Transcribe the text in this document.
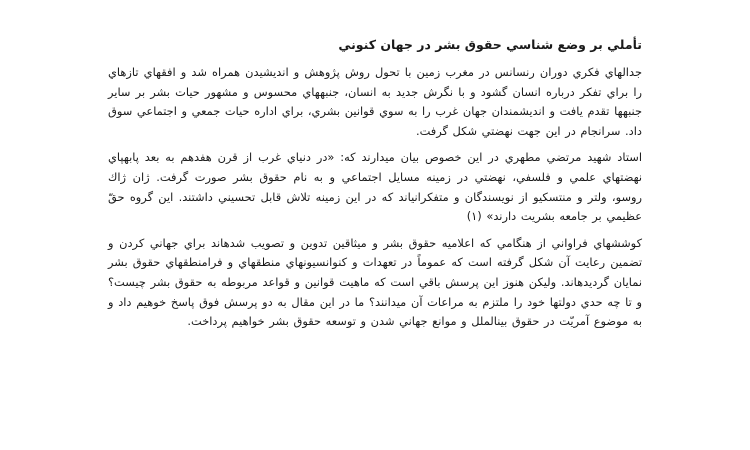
تأملي بر وضع شناسي حقوق بشر در جهان کنوني

جدالهاي فکري دوران رنسانس در مغرب زمين با تحول روش پژوهش و انديشيدن همراه شد و افقهاي تازهاي را براي تفکر درباره انسان گشود و با نگرش جديد به انسان، جنبههاي محسوس و مشهور حيات بشر بر ساير جنبهها تقدم يافت و انديشمندان جهان غرب را به سوي قوانين بشري، براي اداره حيات جمعي و اجتماعي سوق داد. سرانجام در اين جهت نهضتي شکل گرفت.

استاد شهيد مرتضي مطهري در اين خصوص بيان ميدارند که: «در دنياي غرب از قرن هفدهم به بعد پابهپاي نهضتهاي علمي و فلسفي، نهضتي در زمينه مسايل اجتماعي و به نام حقوق بشر صورت گرفت. ژان ژاك روسو، ولتر و منتسکيو از نويسندگان و متفکرانياند که در اين زمينه تلاش قابل تحسيني داشتند. اين گروه حقّ عظيمي بر جامعه بشريت دارند» (۱)

کوششهاي فراواني از هنگامي که اعلاميه حقوق بشر و ميثاقين تدوين و تصويب شدهاند براي جهاني کردن و تضمين رعايت آن شکل گرفته است که عموماً در تعهدات و کنوانسيونهاي منطقهاي و فرامنطقهاي حقوق بشر نمايان گرديدهاند. وليکن هنوز اين پرسش باقي است که ماهيت قوانين و قواعد مربوطه به حقوق بشر چيست؟ و تا چه حدي دولتها خود را ملتزم به مراعات آن ميدانند؟ ما در اين مقال به دو پرسش فوق پاسخ خوهيم داد و به موضوع آمريّت در حقوق بينالملل و موانع جهاني شدن و توسعه حقوق بشر خواهيم پرداخت.
